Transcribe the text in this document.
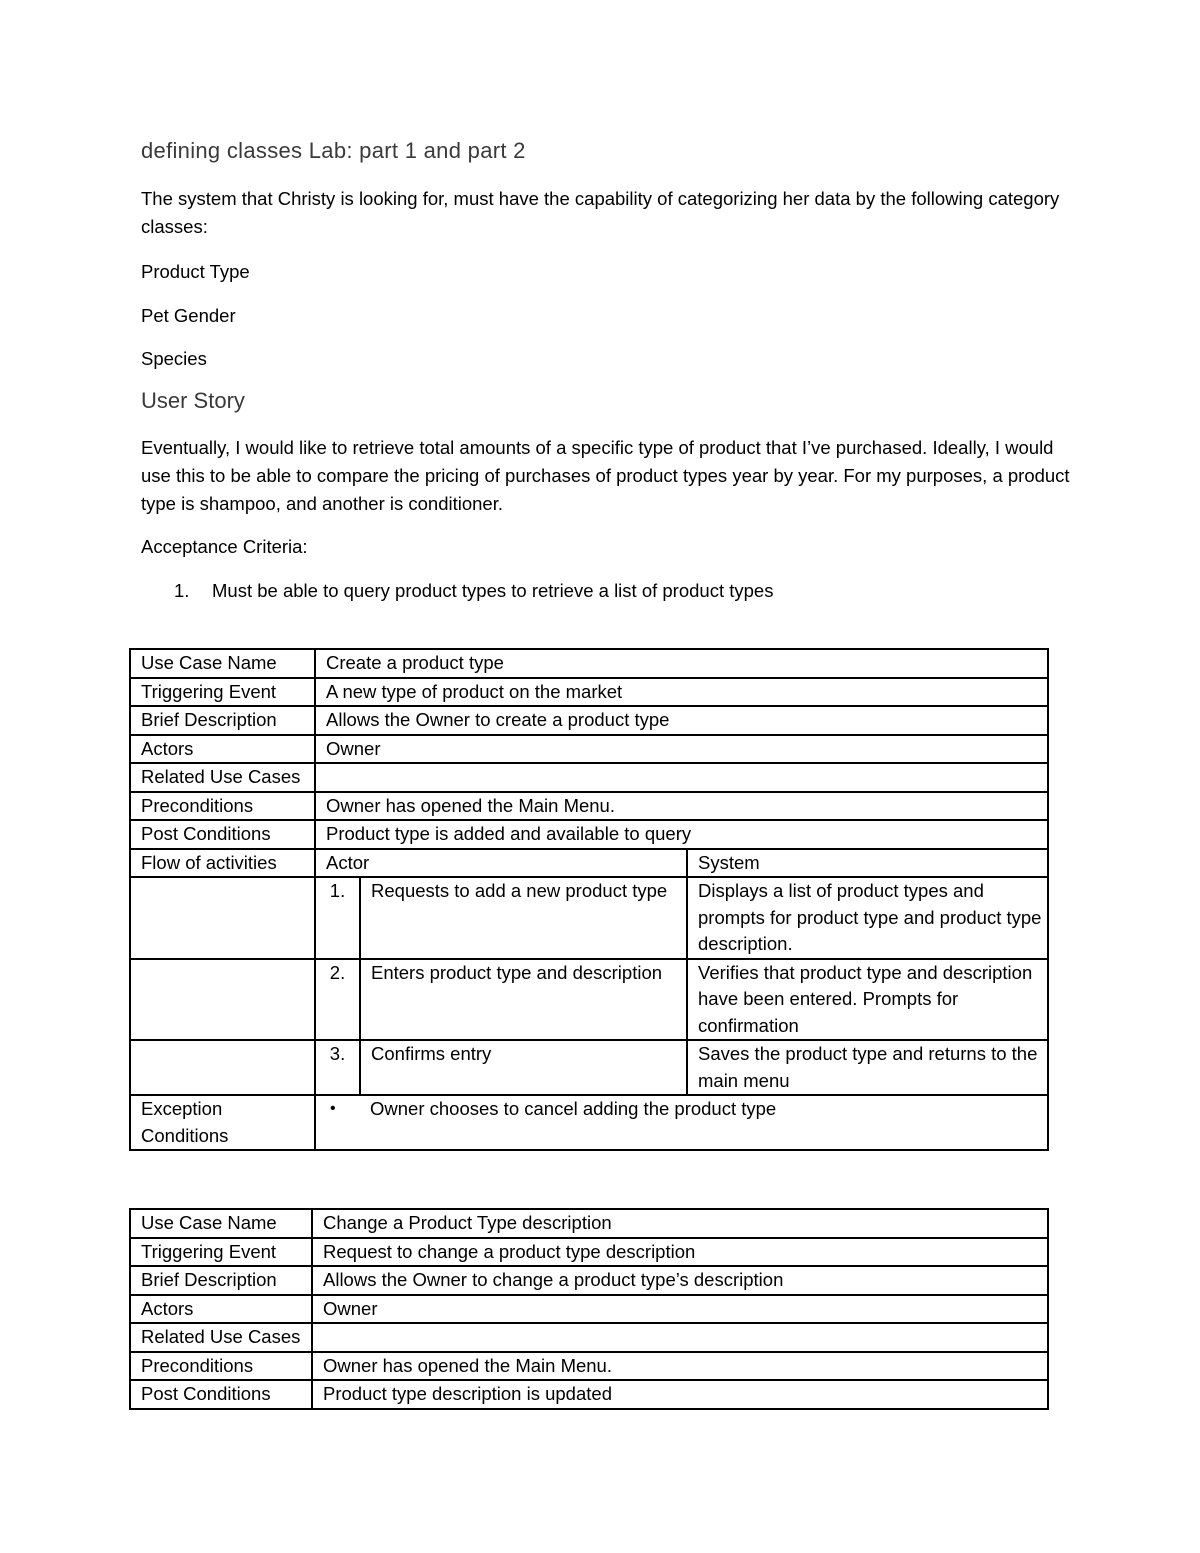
defining classes Lab: part 1 and part 2
The system that Christy is looking for, must have the capability of categorizing her data by the following category classes:
Product Type
Pet Gender
Species
User Story
Eventually, I would like to retrieve total amounts of a specific type of product that I’ve purchased. Ideally, I would use this to be able to compare the pricing of purchases of product types year by year. For my purposes, a product type is shampoo, and another is conditioner.
Acceptance Criteria:
1. Must be able to query product types to retrieve a list of product types
Use Case Name	Create a product type		
Triggering Event	A new type of product on the market		
Brief Description	Allows the Owner to create a product type		
Actors	Owner		
Related Use Cases			
Preconditions	Owner has opened the Main Menu.		
Post Conditions	Product type is added and available to query		
Flow of activities	Actor		System
	1.	Requests to add a new product type	Displays a list of product types and prompts for product type and product type description.
	2.	Enters product type and description	Verifies that product type and description have been entered. Prompts for confirmation
	3.	Confirms entry	Saves the product type and returns to the main menu
Exception Conditions	• Owner chooses to cancel adding the product type		
Use Case Name	Change a Product Type description
Triggering Event	Request to change a product type description
Brief Description	Allows the Owner to change a product type’s description
Actors	Owner
Related Use Cases	
Preconditions	Owner has opened the Main Menu.
Post Conditions	Product type description is updated
